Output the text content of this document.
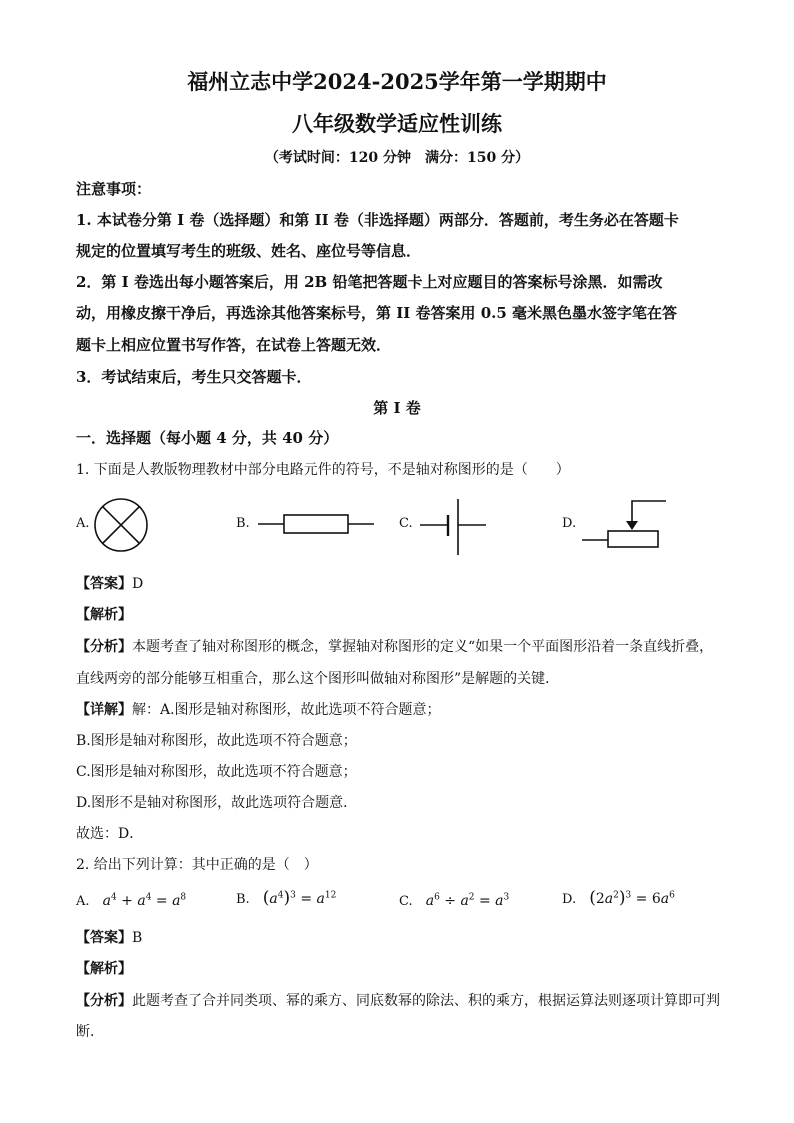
福州立志中学2024-2025学年第一学期期中
八年级数学适应性训练
（考试时间：120 分钟　满分：150 分）
注意事项：
1. 本试卷分第 I 卷（选择题）和第 II 卷（非选择题）两部分．答题前，考生务必在答题卡
规定的位置填写考生的班级、姓名、座位号等信息．
2．第 I 卷选出每小题答案后，用 2B 铅笔把答题卡上对应题目的答案标号涂黑．如需改
动，用橡皮擦干净后，再选涂其他答案标号，第 II 卷答案用 0.5 毫米黑色墨水签字笔在答
题卡上相应位置书写作答，在试卷上答题无效．
3．考试结束后，考生只交答题卡．
第 I 卷
一．选择题（每小题 4 分，共 40 分）
1. 下面是人教版物理教材中部分电路元件的符号，不是轴对称图形的是（　　）
A.	B.	C.	D.
【答案】D
【解析】
【分析】本题考查了轴对称图形的概念，掌握轴对称图形的定义“如果一个平面图形沿着一条直线折叠，
直线两旁的部分能够互相重合，那么这个图形叫做轴对称图形”是解题的关键．
【详解】解：A.图形是轴对称图形，故此选项不符合题意；
B.图形是轴对称图形，故此选项不符合题意；
C.图形是轴对称图形，故此选项不符合题意；
D.图形不是轴对称图形，故此选项符合题意．
故选：D．
2. 给出下列计算：其中正确的是（　）
A. $a^4 + a^4 = a^8$	B. $(a^4)^3 = a^{12}$	C. $a^6 \div a^2 = a^3$	D. $(2a^2)^3 = 6a^6$
【答案】B
【解析】
【分析】此题考查了合并同类项、幂的乘方、同底数幂的除法、积的乘方，根据运算法则逐项计算即可判
断．
